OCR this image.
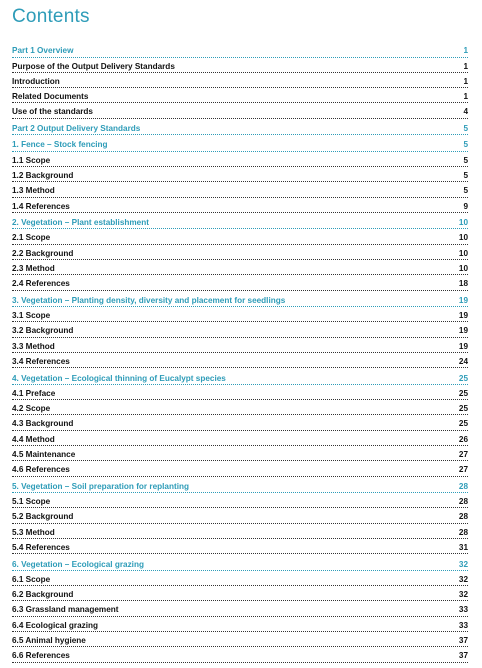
Contents
Part 1 Overview	1
Purpose of the Output Delivery Standards	1
Introduction	1
Related Documents	1
Use of the standards	4
Part 2 Output Delivery Standards	5
1. Fence – Stock fencing	5
1.1 Scope	5
1.2 Background	5
1.3 Method	5
1.4 References	9
2. Vegetation – Plant establishment	10
2.1 Scope	10
2.2 Background	10
2.3 Method	10
2.4 References	18
3. Vegetation – Planting density, diversity and placement for seedlings	19
3.1 Scope	19
3.2 Background	19
3.3 Method	19
3.4 References	24
4. Vegetation – Ecological thinning of Eucalypt species	25
4.1 Preface	25
4.2 Scope	25
4.3 Background	25
4.4 Method	26
4.5 Maintenance	27
4.6 References	27
5. Vegetation – Soil preparation for replanting	28
5.1 Scope	28
5.2 Background	28
5.3 Method	28
5.4 References	31
6. Vegetation – Ecological grazing	32
6.1 Scope	32
6.2 Background	32
6.3 Grassland management	33
6.4 Ecological grazing	33
6.5 Animal hygiene	37
6.6 References	37
